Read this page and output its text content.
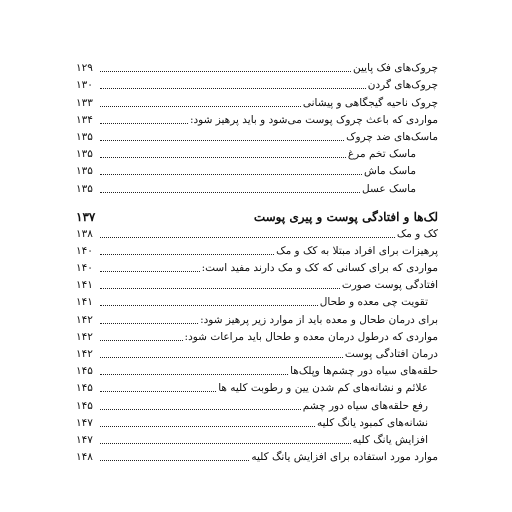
چروک‌های فک پایین
۱۲۹
چروک‌های گردن
۱۳۰
چروک ناحیه گیجگاهی و پیشانی
۱۳۳
مواردی که باعث چروک پوست می‌شود و باید پرهیز شود:
۱۳۴
ماسک‌های ضد چروک
۱۳۵
ماسک تخم مرغ
۱۳۵
ماسک ماش
۱۳۵
ماسک عسل
۱۳۵
لک‌ها و افتادگی پوست و پیری پوست
۱۳۷
کک و مک
۱۳۸
پرهیزات برای افراد مبتلا به کک و مک
۱۴۰
مواردی که برای کسانی که کک و مک دارند مفید است:
۱۴۰
افتادگی پوست صورت
۱۴۱
تقویت چی معده و طحال
۱۴۱
برای درمان طحال و معده باید از موارد زیر پرهیز شود:
۱۴۲
مواردی که درطول درمان معده و طحال باید مراعات شود:
۱۴۲
درمان افتادگی پوست
۱۴۲
حلقه‌های سیاه دور چشم‌ها وپلک‌ها
۱۴۵
علائم و نشانه‌های کم شدن یین و رطوبت کلیه ها
۱۴۵
رفع حلقه‌های سیاه دور چشم
۱۴۵
نشانه‌های کمبود یانگ کلیه
۱۴۷
افزایش یانگ کلیه
۱۴۷
موارد مورد استفاده برای افزایش یانگ کلیه
۱۴۸
